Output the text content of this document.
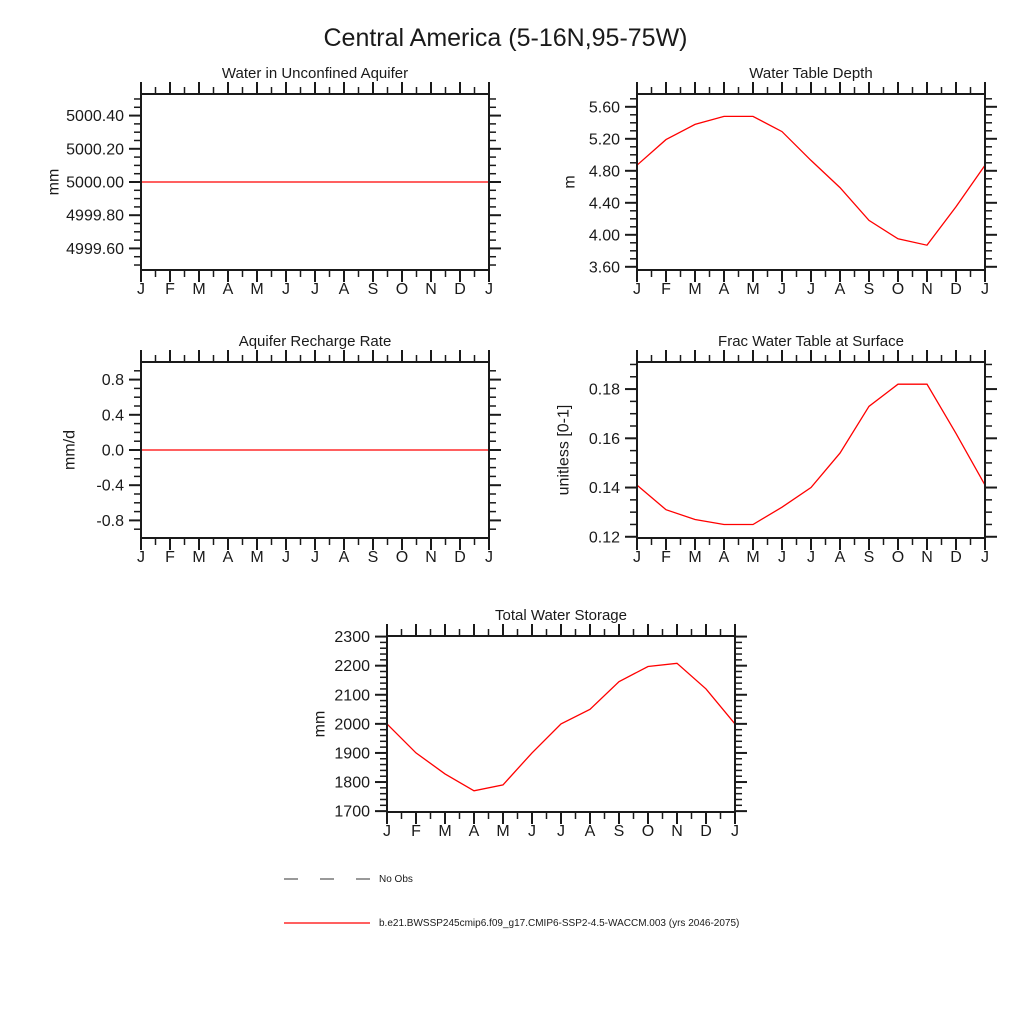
Central America (5-16N,95-75W)
Water in Unconfined Aquifer
mm
J F M A M J J A S O N D J
4999.60
4999.80
5000.00
5000.20
5000.40
Water Table Depth
m
J F M A M J J A S O N D J
3.60
4.00
4.40
4.80
5.20
5.60
Aquifer Recharge Rate
mm/d
J F M A M J J A S O N D J
-0.8
-0.4
0.0
0.4
0.8
Frac Water Table at Surface
unitless [0-1]
J F M A M J J A S O N D J
0.12
0.14
0.16
0.18
Total Water Storage
mm
J F M A M J J A S O N D J
1700
1800
1900
2000
2100
2200
2300
No Obs
b.e21.BWSSP245cmip6.f09_g17.CMIP6-SSP2-4.5-WACCM.003 (yrs 2046-2075)
